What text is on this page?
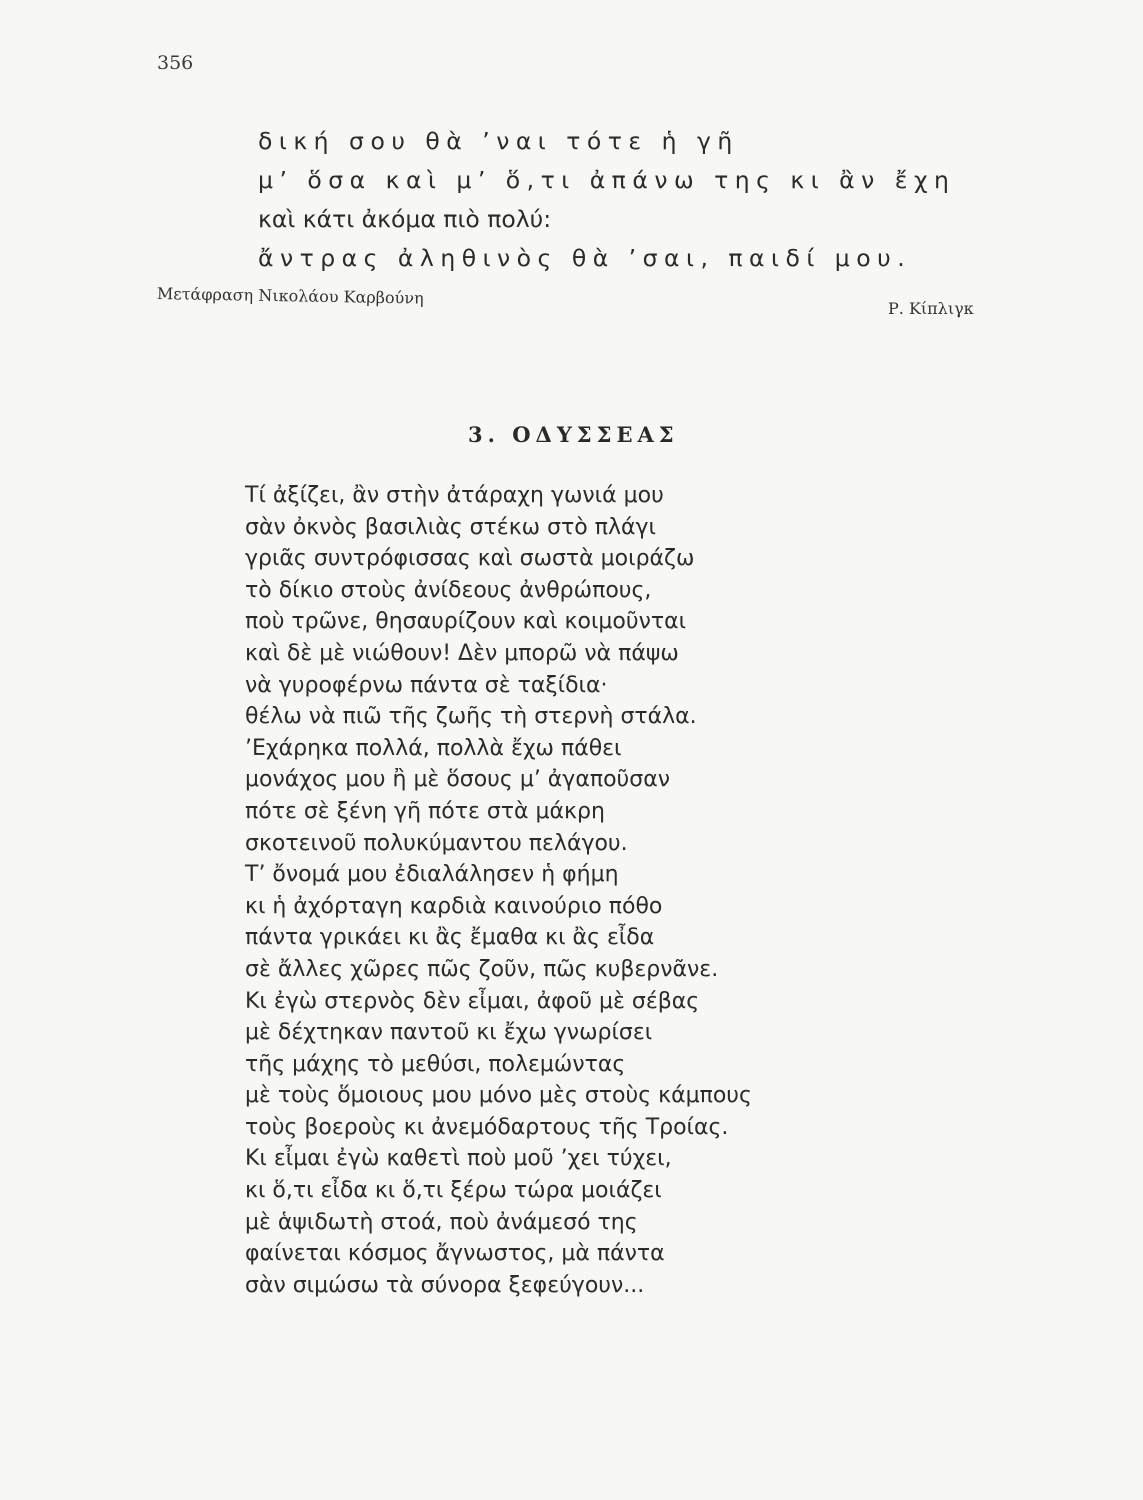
356
δική σου θὰ ’ναι τότε ἡ γῆ
μ’ ὅσα καὶ μ’ ὅ,τι ἀπάνω της κι ἂν ἔχη
καὶ κάτι ἀκόμα πιὸ πολύ:
ἄντρας ἀληθινὸς θὰ ’σαι, παιδί μου.
Μετάφραση Νικολάου Καρβούνη
Ρ. Κίπλιγκ
3. ΟΔΥΣΣΕΑΣ
Τί ἀξίζει, ἂν στὴν ἀτάραχη γωνιά μου
σὰν ὀκνὸς βασιλιὰς στέκω στὸ πλάγι
γριᾶς συντρόφισσας καὶ σωστὰ μοιράζω
τὸ δίκιο στοὺς ἀνίδεους ἀνθρώπους,
ποὺ τρῶνε, θησαυρίζουν καὶ κοιμοῦνται
καὶ δὲ μὲ νιώθουν! Δὲν μπορῶ νὰ πάψω
νὰ γυροφέρνω πάντα σὲ ταξίδια·
θέλω νὰ πιῶ τῆς ζωῆς τὴ στερνὴ στάλα.
’Εχάρηκα πολλά, πολλὰ ἔχω πάθει
μονάχος μου ἢ μὲ ὅσους μ’ ἀγαποῦσαν
πότε σὲ ξένη γῆ πότε στὰ μάκρη
σκοτεινοῦ πολυκύμαντου πελάγου.
Τ’ ὄνομά μου ἐδιαλάλησεν ἡ φήμη
κι ἡ ἀχόρταγη καρδιὰ καινούριο πόθο
πάντα γρικάει κι ἂς ἔμαθα κι ἂς εἶδα
σὲ ἄλλες χῶρες πῶς ζοῦν, πῶς κυβερνᾶνε.
Κι ἐγὼ στερνὸς δὲν εἶμαι, ἀφοῦ μὲ σέβας
μὲ δέχτηκαν παντοῦ κι ἔχω γνωρίσει
τῆς μάχης τὸ μεθύσι, πολεμώντας
μὲ τοὺς ὅμοιους μου μόνο μὲς στοὺς κάμπους
τοὺς βοεροὺς κι ἀνεμόδαρτους τῆς Τροίας.
Κι εἶμαι ἐγὼ καθετὶ ποὺ μοῦ ’χει τύχει,
κι ὅ,τι εἶδα κι ὅ,τι ξέρω τώρα μοιάζει
μὲ ἁψιδωτὴ στοά, ποὺ ἀνάμεσό της
φαίνεται κόσμος ἄγνωστος, μὰ πάντα
σὰν σιμώσω τὰ σύνορα ξεφεύγουν...
